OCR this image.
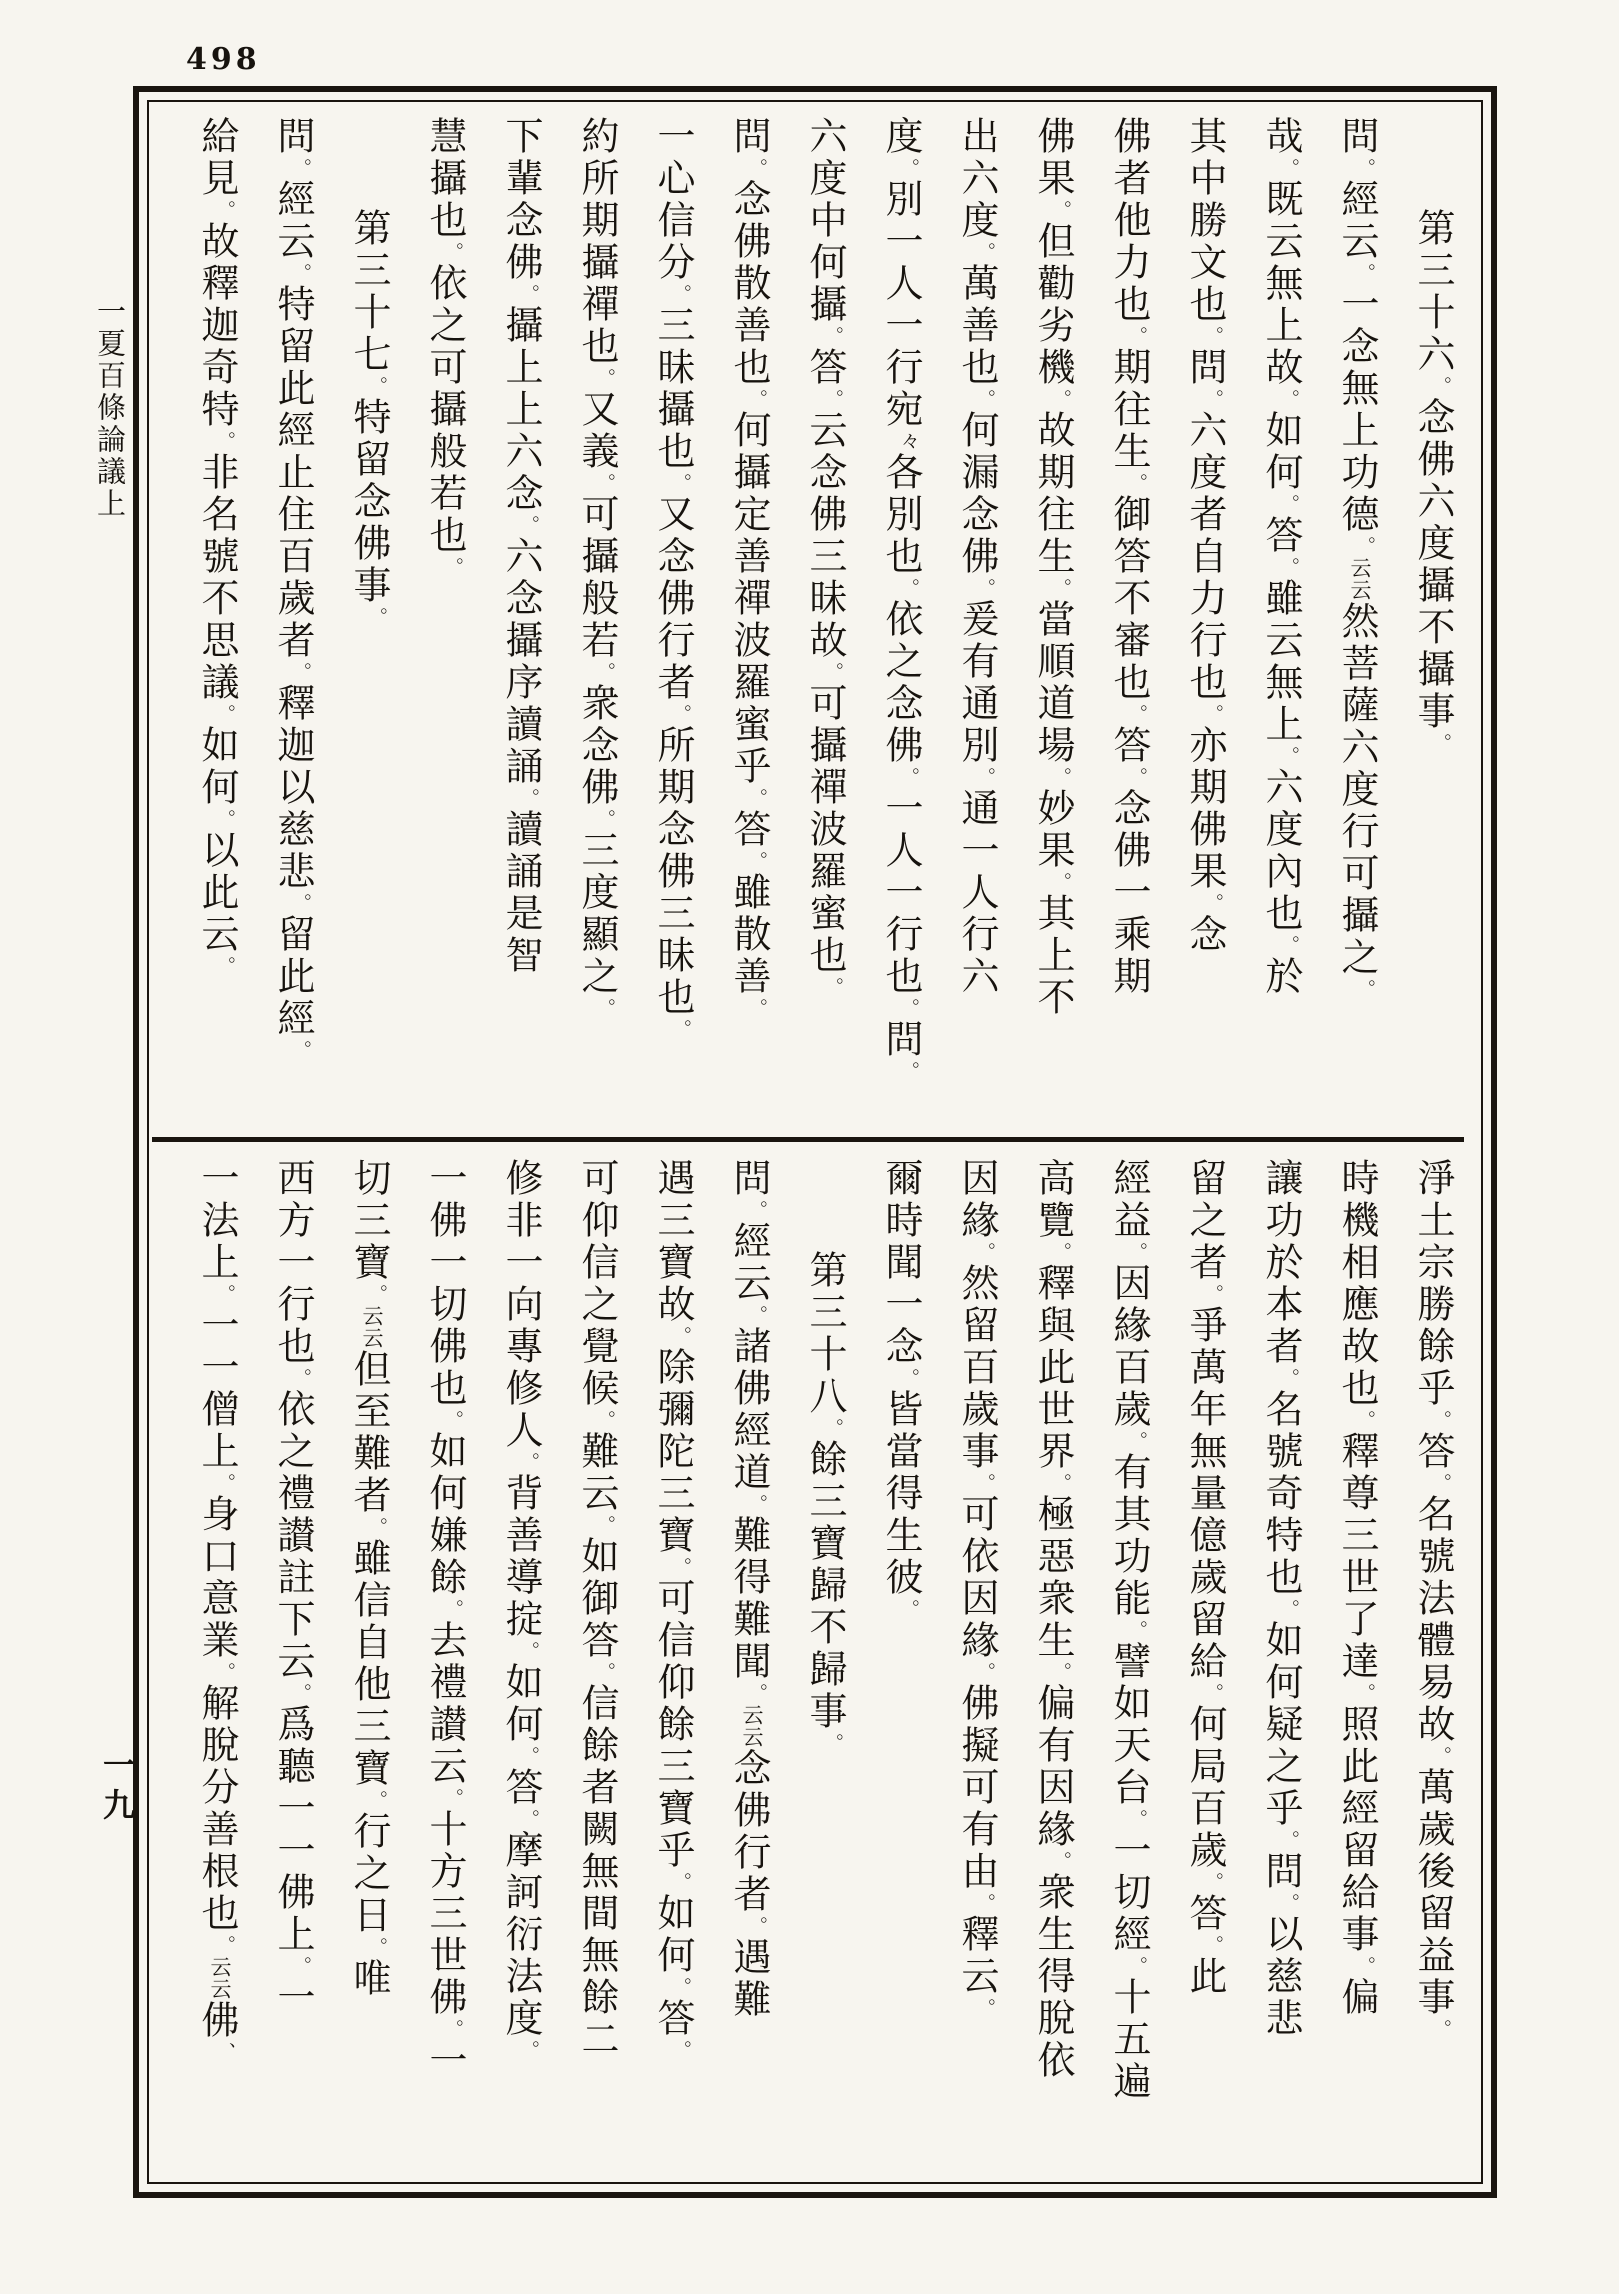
498
一夏百條論議上
一九
第三十六。念佛六度攝不攝事。
問。經云。一念無上功德。云云然菩薩六度行可攝之。
哉。既云無上故。如何。答。雖云無上。六度內也。於
其中勝文也。問。六度者自力行也。亦期佛果。念
佛者他力也。期往生。御答不審也。答。念佛一乘期
佛果。但勸劣機。故期往生。當順道場。妙果。其上不
出六度。萬善也。何漏念佛。爰有通別。通一人行六
度。別一人一行宛々各別也。依之念佛。一人一行也。問。
六度中何攝。答。云念佛三昧故。可攝禪波羅蜜也。
問。念佛散善也。何攝定善禪波羅蜜乎。答。雖散善。
一心信分。三昧攝也。又念佛行者。所期念佛三昧也。
約所期攝禪也。又義。可攝般若。衆念佛。三度顯之。
下輩念佛。攝上上六念。六念攝序讀誦。讀誦是智
慧攝也。依之可攝般若也。
第三十七。特留念佛事。
問。經云。特留此經止住百歲者。釋迦以慈悲。留此經。
給見。故釋迦奇特。非名號不思議。如何。以此云。
淨土宗勝餘乎。答。名號法體易故。萬歲後留益事。
時機相應故也。釋尊三世了達。照此經留給事。偏
讓功於本者。名號奇特也。如何疑之乎。問。以慈悲
留之者。爭萬年無量億歲留給。何局百歲。答。此
經益。因緣百歲。有其功能。譬如天台。一切經。十五遍
高覽。釋與此世界。極惡衆生。偏有因緣。衆生得脫依
因緣。然留百歲事。可依因緣。佛擬可有由。釋云。
爾時聞一念。皆當得生彼。
第三十八。餘三寶歸不歸事。
問。經云。諸佛經道。難得難聞。云云念佛行者。遇難
遇三寶故。除彌陀三寶。可信仰餘三寶乎。如何。答。
可仰信之覺候。難云。如御答。信餘者闕無間無餘二
修非一向專修人。背善導掟。如何。答。摩訶衍法度。
一佛一切佛也。如何嫌餘。去禮讃云。十方三世佛。一
切三寶。云云但至難者。雖信自他三寶。行之日。唯
西方一行也。依之禮讃註下云。爲聽一一佛上。一
一法上。一一僧上。身口意業。解脫分善根也。云云佛、
